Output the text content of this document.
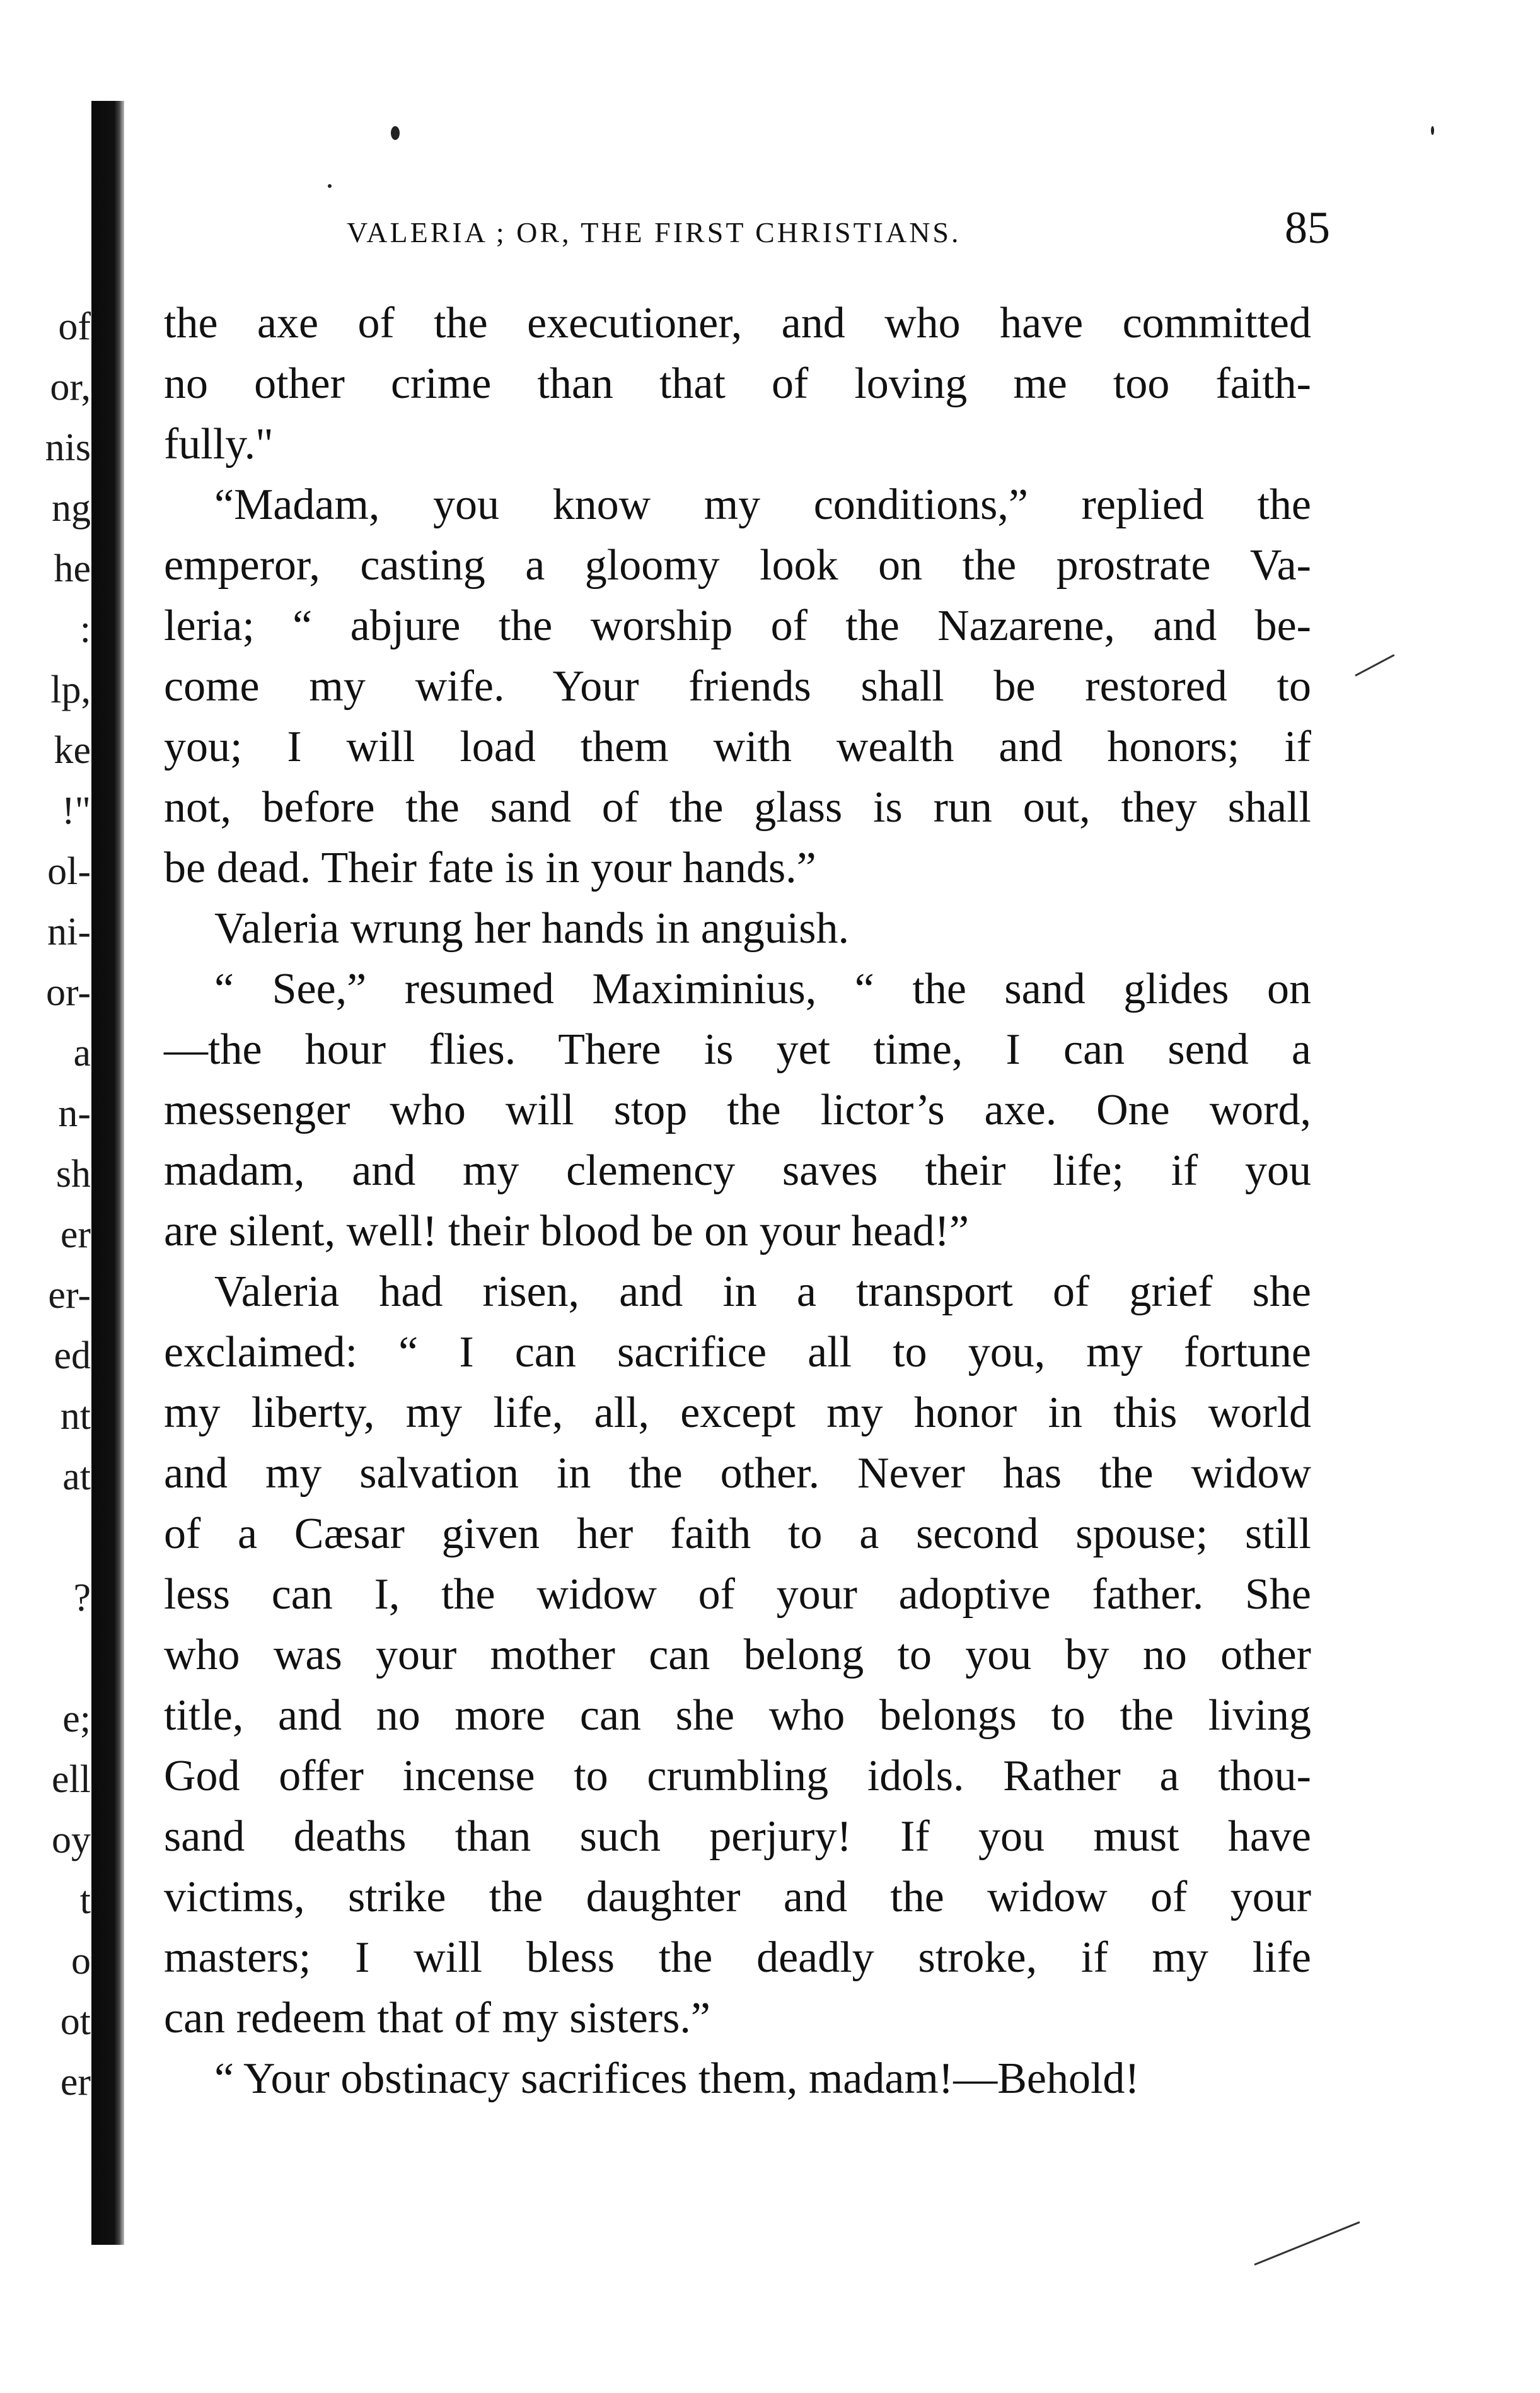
of
or,
nis
ng
he
:
lp,
ke
!"
ol-
ni-
or-
a
n-
sh
er
er-
ed
nt
at
?
e;
ell
oy
t
o
ot
er
VALERIA ; OR, THE FIRST CHRISTIANS.	85
the axe of the executioner, and who have committed
no other crime than that of loving me too faith-
fully."
“Madam, you know my conditions,” replied the
emperor, casting a gloomy look on the prostrate Va-
leria; “ abjure the worship of the Nazarene, and be-
come my wife. Your friends shall be restored to
you; I will load them with wealth and honors; if
not, before the sand of the glass is run out, they shall
be dead. Their fate is in your hands.”
Valeria wrung her hands in anguish.
“ See,” resumed Maximinius, “ the sand glides on
—the hour flies. There is yet time, I can send a
messenger who will stop the lictor’s axe. One word,
madam, and my clemency saves their life; if you
are silent, well! their blood be on your head!”
Valeria had risen, and in a transport of grief she
exclaimed: “ I can sacrifice all to you, my fortune
my liberty, my life, all, except my honor in this world
and my salvation in the other. Never has the widow
of a Cæsar given her faith to a second spouse; still
less can I, the widow of your adoptive father. She
who was your mother can belong to you by no other
title, and no more can she who belongs to the living
God offer incense to crumbling idols. Rather a thou-
sand deaths than such perjury! If you must have
victims, strike the daughter and the widow of your
masters; I will bless the deadly stroke, if my life
can redeem that of my sisters.”
“ Your obstinacy sacrifices them, madam!—Behold!
